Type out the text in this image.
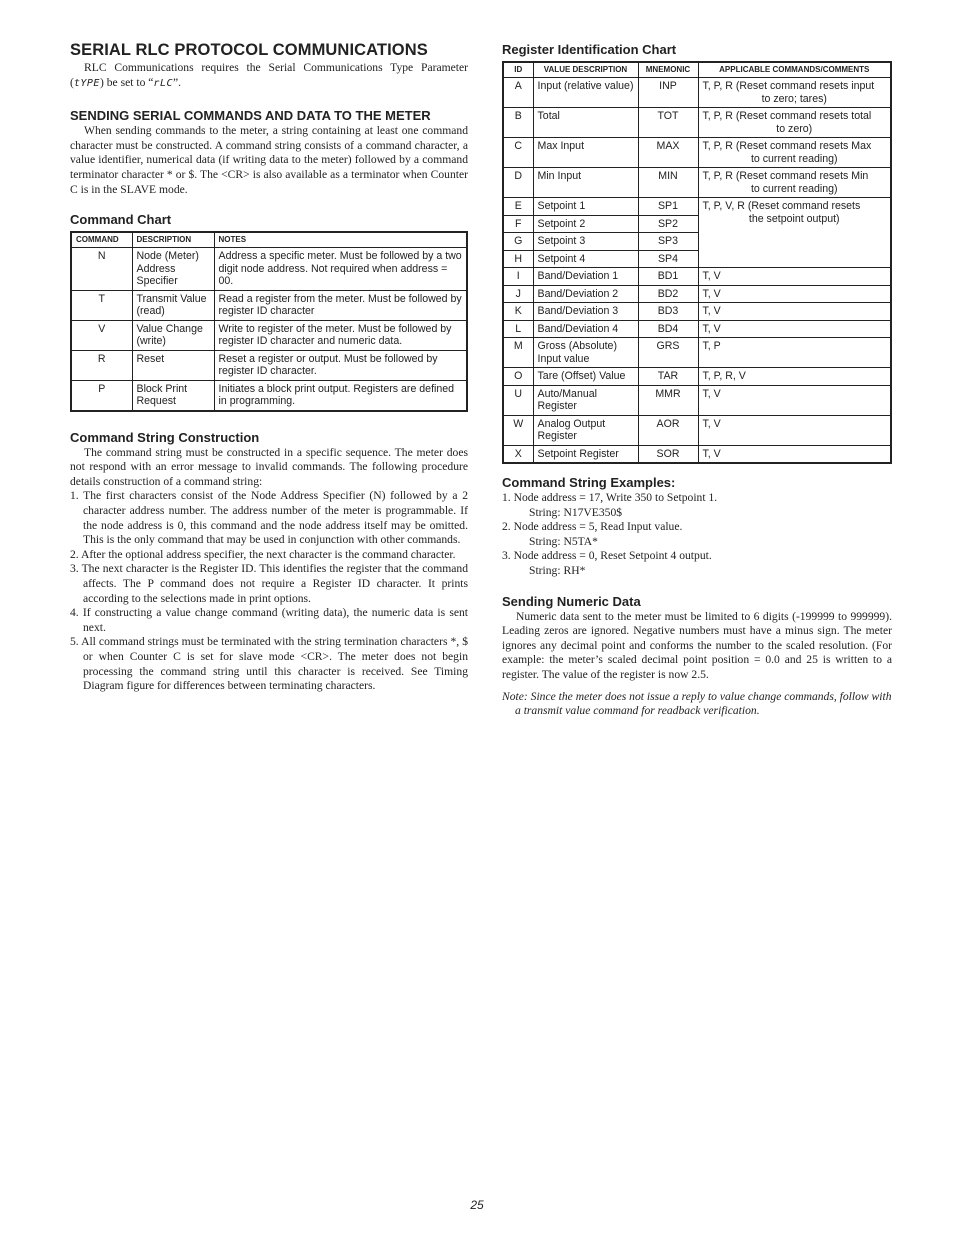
SERIAL RLC PROTOCOL COMMUNICATIONS

RLC Communications requires the Serial Communications Type Parameter (tYPE) be set to “rLC”.

SENDING SERIAL COMMANDS AND DATA TO THE METER

When sending commands to the meter, a string containing at least one command character must be constructed. A command string consists of a command character, a value identifier, numerical data (if writing data to the meter) followed by a command terminator character * or $. The <CR> is also available as a terminator when Counter C is in the SLAVE mode.

Command Chart
COMMAND	DESCRIPTION	NOTES
N	Node (Meter) Address Specifier	Address a specific meter. Must be followed by a two digit node address. Not required when address = 00.
T	Transmit Value (read)	Read a register from the meter. Must be followed by register ID character
V	Value Change (write)	Write to register of the meter. Must be followed by register ID character and numeric data.
R	Reset	Reset a register or output. Must be followed by register ID character.
P	Block Print Request	Initiates a block print output. Registers are defined in programming.
Command String Construction

The command string must be constructed in a specific sequence. The meter does not respond with an error message to invalid commands. The following procedure details construction of a command string:

1. The first characters consist of the Node Address Specifier (N) followed by a 2 character address number. The address number of the meter is programmable. If the node address is 0, this command and the node address itself may be omitted. This is the only command that may be used in conjunction with other commands.
2. After the optional address specifier, the next character is the command character.
3. The next character is the Register ID. This identifies the register that the command affects. The P command does not require a Register ID character. It prints according to the selections made in print options.
4. If constructing a value change command (writing data), the numeric data is sent next.
5. All command strings must be terminated with the string termination characters *, $ or when Counter C is set for slave mode <CR>. The meter does not begin processing the command string until this character is received. See Timing Diagram figure for differences between terminating characters.
Register Identification Chart
ID	VALUE DESCRIPTION	MNEMONIC	APPLICABLE COMMANDS/COMMENTS
A	Input (relative value)	INP	T, P, R (Reset command resets input
to zero; tares)

B	Total	TOT	T, P, R (Reset command resets total
to zero)

C	Max Input	MAX	T, P, R (Reset command resets Max
to current reading)

D	Min Input	MIN	T, P, R (Reset command resets Min
to current reading)

E	Setpoint 1	SP1	T, P, V, R (Reset command resets
the setpoint output)

F	Setpoint 2	SP2	
G	Setpoint 3	SP3	
H	Setpoint 4	SP4	
I	Band/Deviation 1	BD1	T, V
J	Band/Deviation 2	BD2	T, V
K	Band/Deviation 3	BD3	T, V
L	Band/Deviation 4	BD4	T, V
M	Gross (Absolute) Input value	GRS	T, P
O	Tare (Offset) Value	TAR	T, P, R, V
U	Auto/Manual Register	MMR	T, V
W	Analog Output Register	AOR	T, V
X	Setpoint Register	SOR	T, V
Command String Examples:
1. Node address = 17, Write 350 to Setpoint 1.
String: N17VE350$
2. Node address = 5, Read Input value.
String: N5TA*
3. Node address = 0, Reset Setpoint 4 output.
String: RH*
Sending Numeric Data

Numeric data sent to the meter must be limited to 6 digits (-199999 to 999999). Leading zeros are ignored. Negative numbers must have a minus sign. The meter ignores any decimal point and conforms the number to the scaled resolution. (For example: the meter’s scaled decimal point position = 0.0 and 25 is written to a register. The value of the register is now 2.5.

Note: Since the meter does not issue a reply to value change commands, follow with a transmit value command for readback verification.
25
